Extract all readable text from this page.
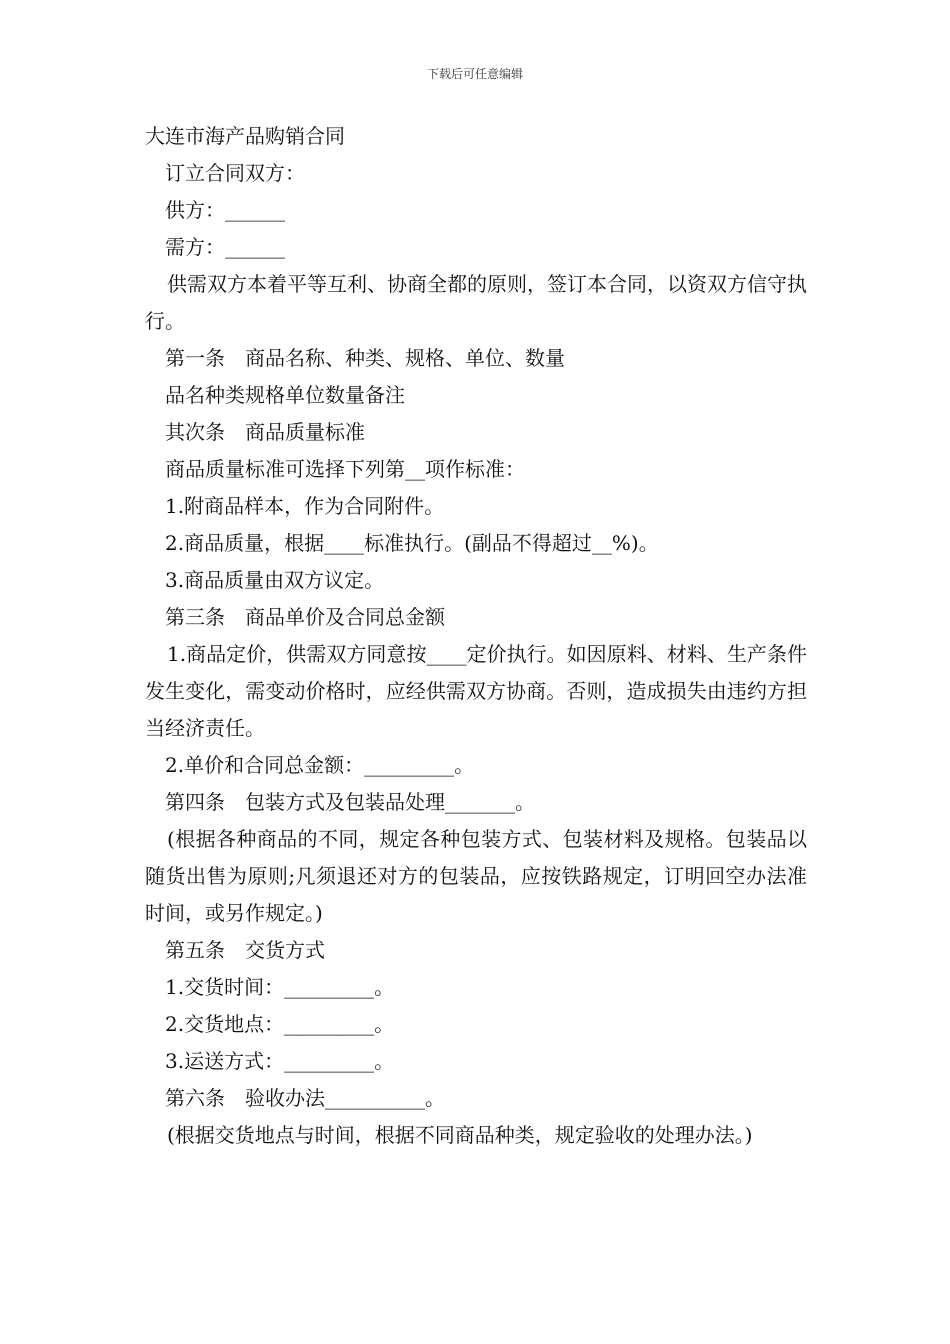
下载后可任意编辑

大连市海产品购销合同

订立合同双方：

供方：______

需方：______

供需双方本着平等互利、协商全都的原则，签订本合同，以资双方信守执行。

第一条　商品名称、种类、规格、单位、数量

品名种类规格单位数量备注

其次条　商品质量标准

商品质量标准可选择下列第__项作标准：

1.附商品样本，作为合同附件。

2.商品质量，根据____标准执行。(副品不得超过__%)。

3.商品质量由双方议定。

第三条　商品单价及合同总金额

1.商品定价，供需双方同意按____定价执行。如因原料、材料、生产条件发生变化，需变动价格时，应经供需双方协商。否则，造成损失由违约方担当经济责任。

2.单价和合同总金额：_________。

第四条　包装方式及包装品处理_______。

(根据各种商品的不同，规定各种包装方式、包装材料及规格。包装品以随货出售为原则;凡须退还对方的包装品，应按铁路规定，订明回空办法准时间，或另作规定。)

第五条　交货方式

1.交货时间：_________。

2.交货地点：_________。

3.运送方式：_________。

第六条　验收办法__________。

(根据交货地点与时间，根据不同商品种类，规定验收的处理办法。)
